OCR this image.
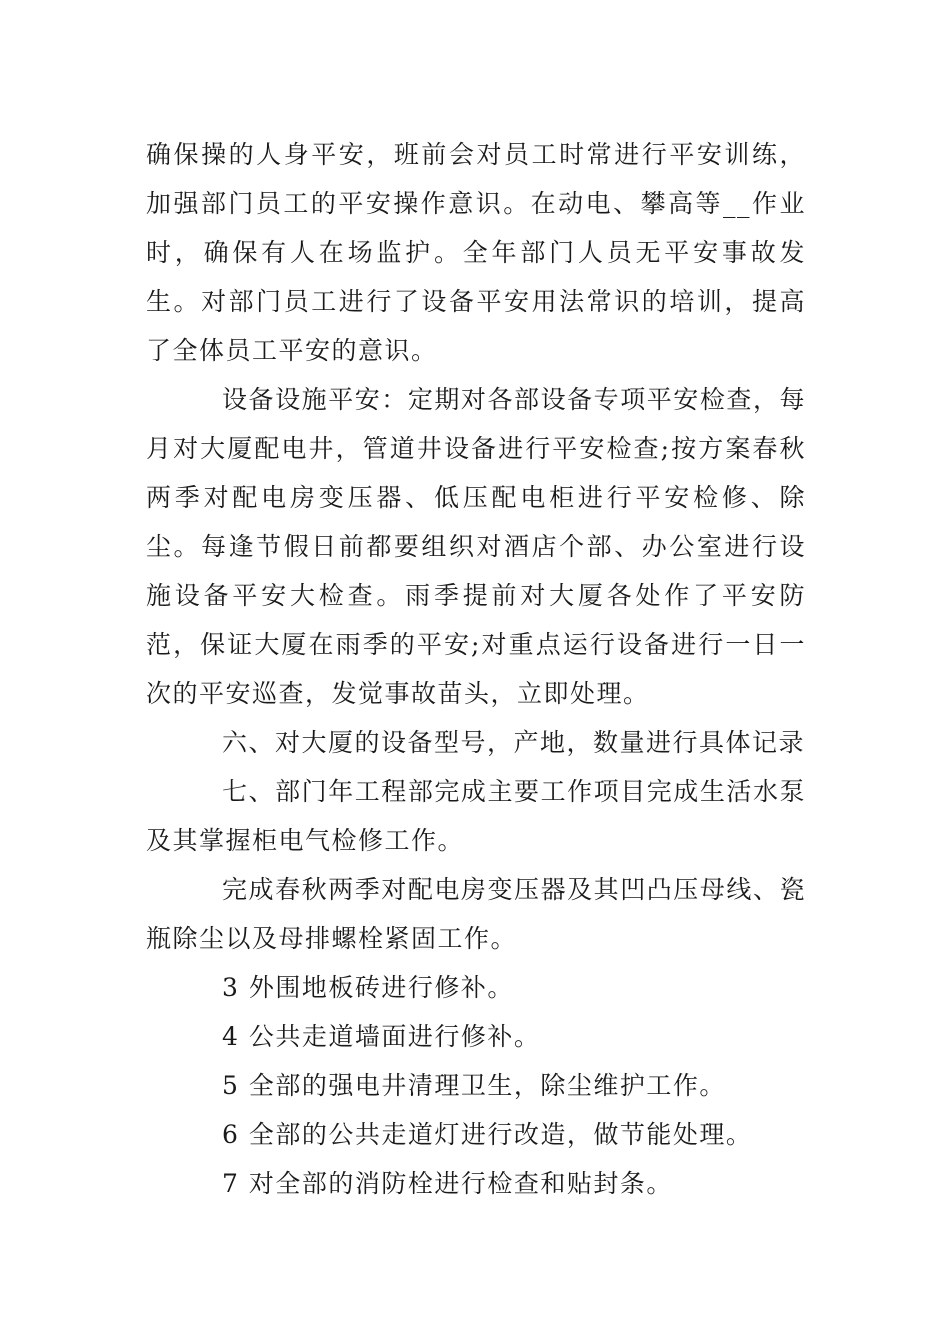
确保操的人身平安，班前会对员工时常进行平安训练，加强部门员工的平安操作意识。在动电、攀高等__作业时，确保有人在场监护。全年部门人员无平安事故发生。对部门员工进行了设备平安用法常识的培训，提高了全体员工平安的意识。

设备设施平安：定期对各部设备专项平安检查，每月对大厦配电井，管道井设备进行平安检查;按方案春秋两季对配电房变压器、低压配电柜进行平安检修、除尘。每逢节假日前都要组织对酒店个部、办公室进行设施设备平安大检查。雨季提前对大厦各处作了平安防范，保证大厦在雨季的平安;对重点运行设备进行一日一次的平安巡查，发觉事故苗头，立即处理。

六、对大厦的设备型号，产地，数量进行具体记录

七、部门年工程部完成主要工作项目完成生活水泵及其掌握柜电气检修工作。

完成春秋两季对配电房变压器及其凹凸压母线、瓷瓶除尘以及母排螺栓紧固工作。

3 外围地板砖进行修补。

4 公共走道墙面进行修补。

5 全部的强电井清理卫生，除尘维护工作。

6 全部的公共走道灯进行改造，做节能处理。

7 对全部的消防栓进行检查和贴封条。
